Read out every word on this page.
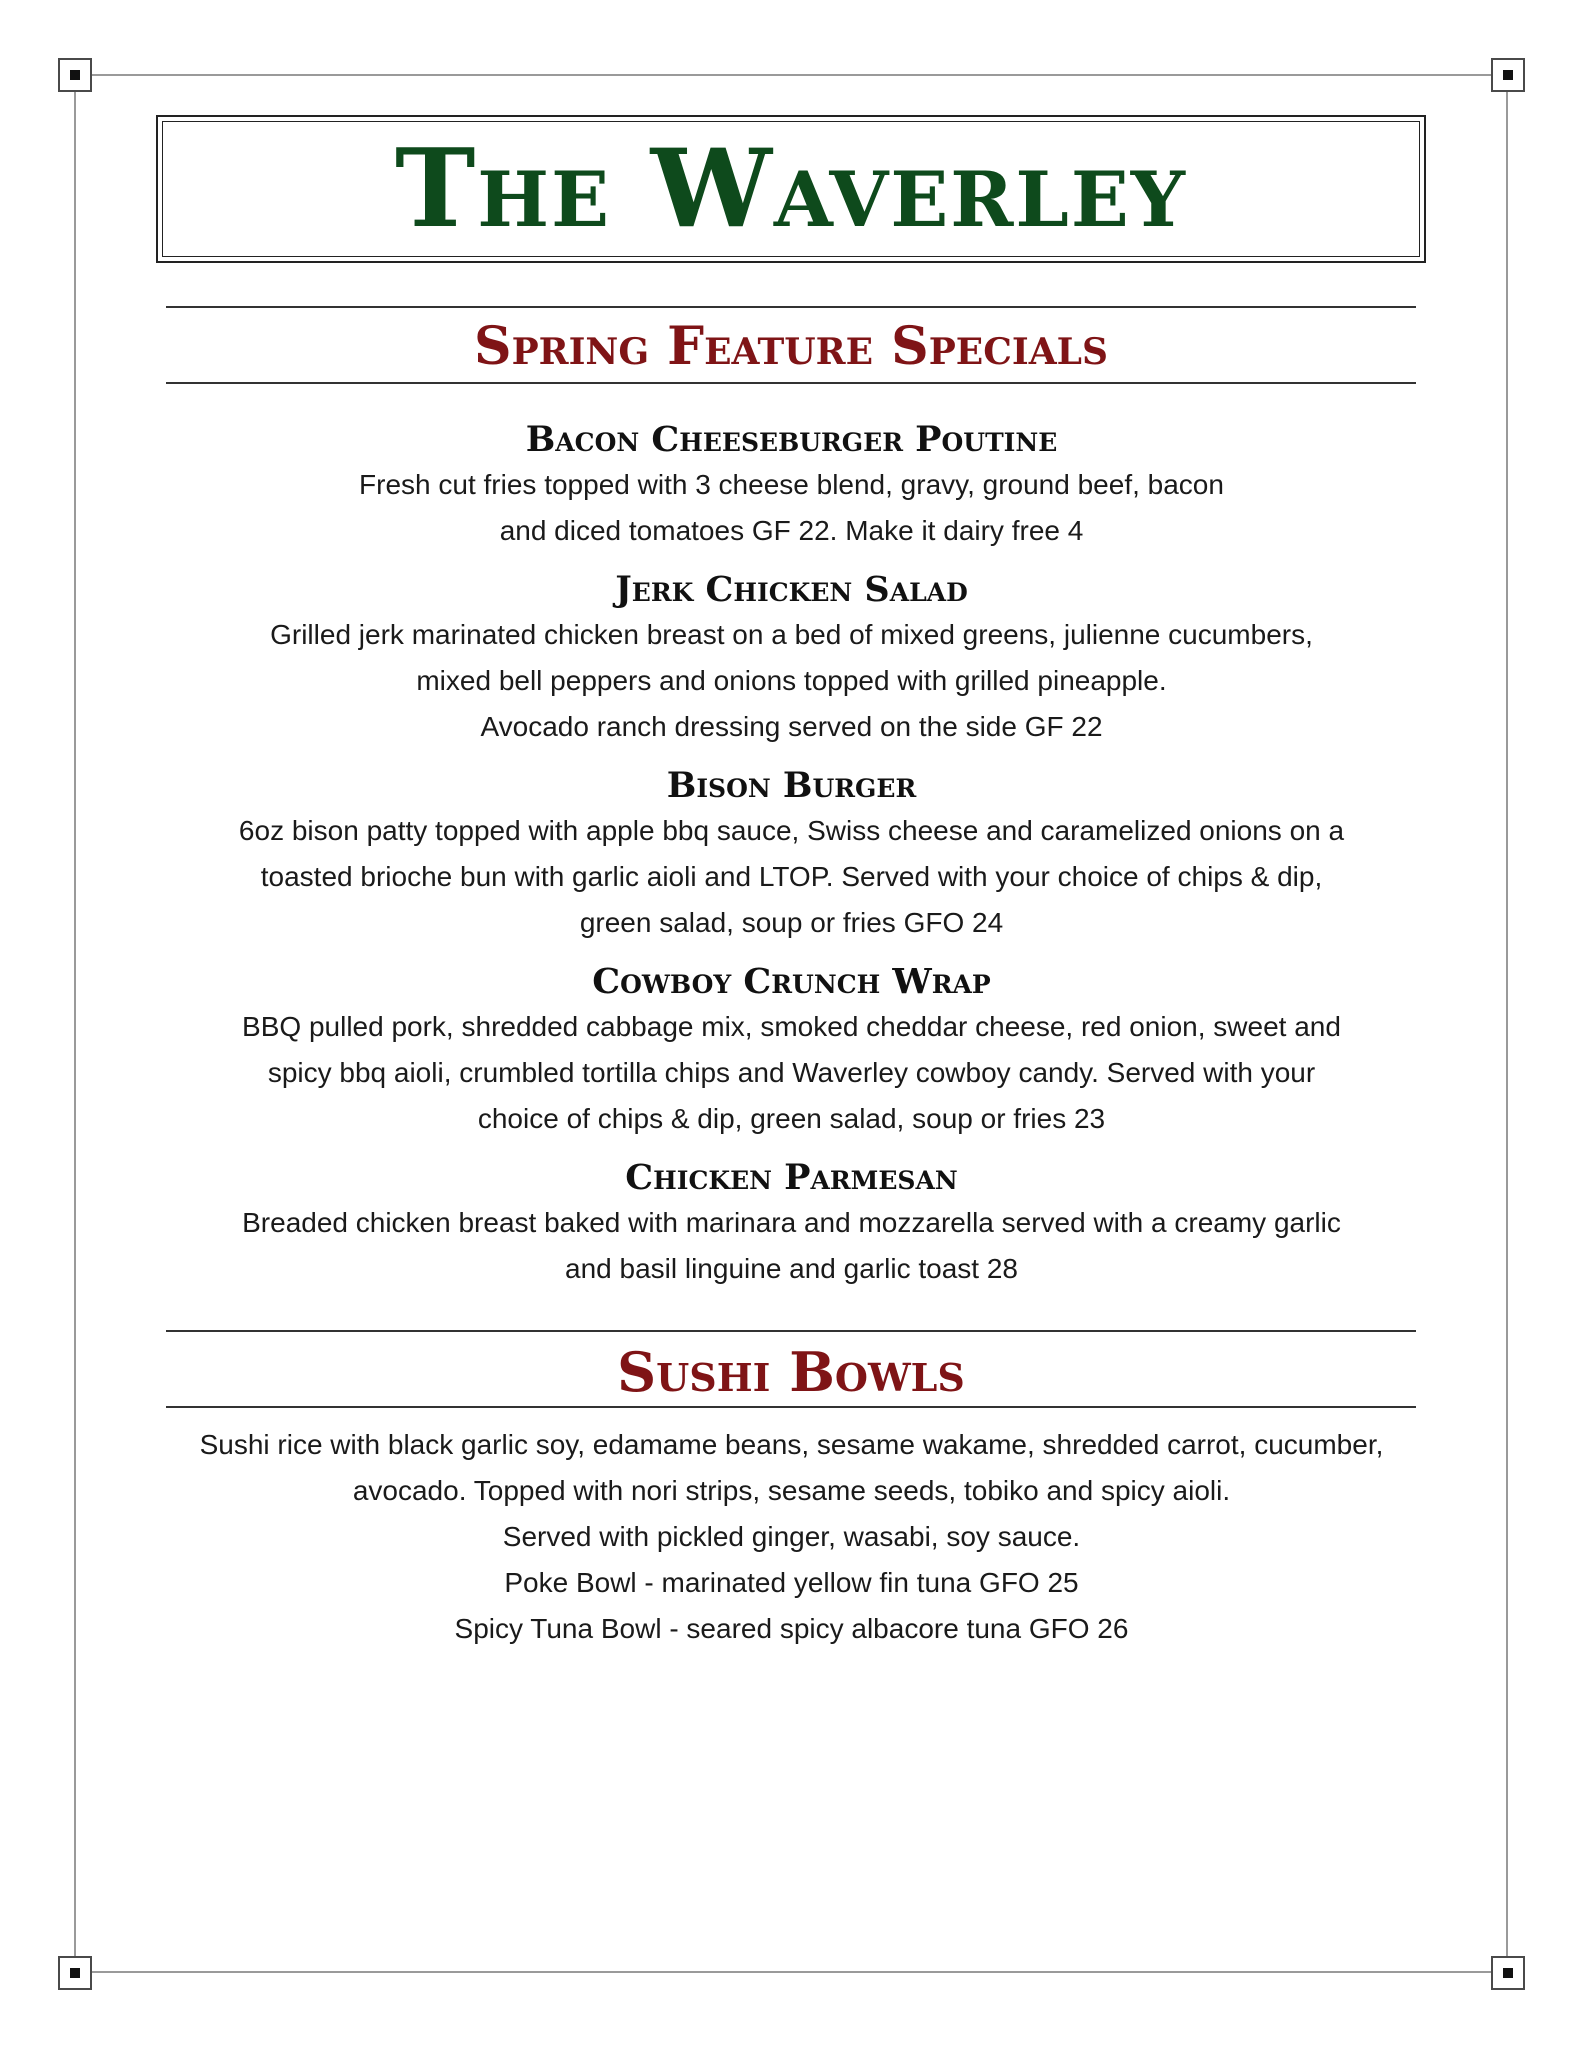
The Waverley
Spring Feature Specials
Bacon Cheeseburger Poutine

Fresh cut fries topped with 3 cheese blend, gravy, ground beef, bacon
and diced tomatoes GF 22. Make it dairy free 4

Jerk Chicken Salad

Grilled jerk marinated chicken breast on a bed of mixed greens, julienne cucumbers,
mixed bell peppers and onions topped with grilled pineapple.
Avocado ranch dressing served on the side GF 22

Bison Burger

6oz bison patty topped with apple bbq sauce, Swiss cheese and caramelized onions on a
toasted brioche bun with garlic aioli and LTOP. Served with your choice of chips & dip,
green salad, soup or fries GFO 24

Cowboy Crunch Wrap

BBQ pulled pork, shredded cabbage mix, smoked cheddar cheese, red onion, sweet and
spicy bbq aioli, crumbled tortilla chips and Waverley cowboy candy. Served with your
choice of chips & dip, green salad, soup or fries 23

Chicken Parmesan

Breaded chicken breast baked with marinara and mozzarella served with a creamy garlic
and basil linguine and garlic toast 28

Sushi Bowls

Sushi rice with black garlic soy, edamame beans, sesame wakame, shredded carrot, cucumber,
avocado. Topped with nori strips, sesame seeds, tobiko and spicy aioli.
Served with pickled ginger, wasabi, soy sauce.

Poke Bowl - marinated yellow fin tuna GFO 25

Spicy Tuna Bowl - seared spicy albacore tuna GFO 26
